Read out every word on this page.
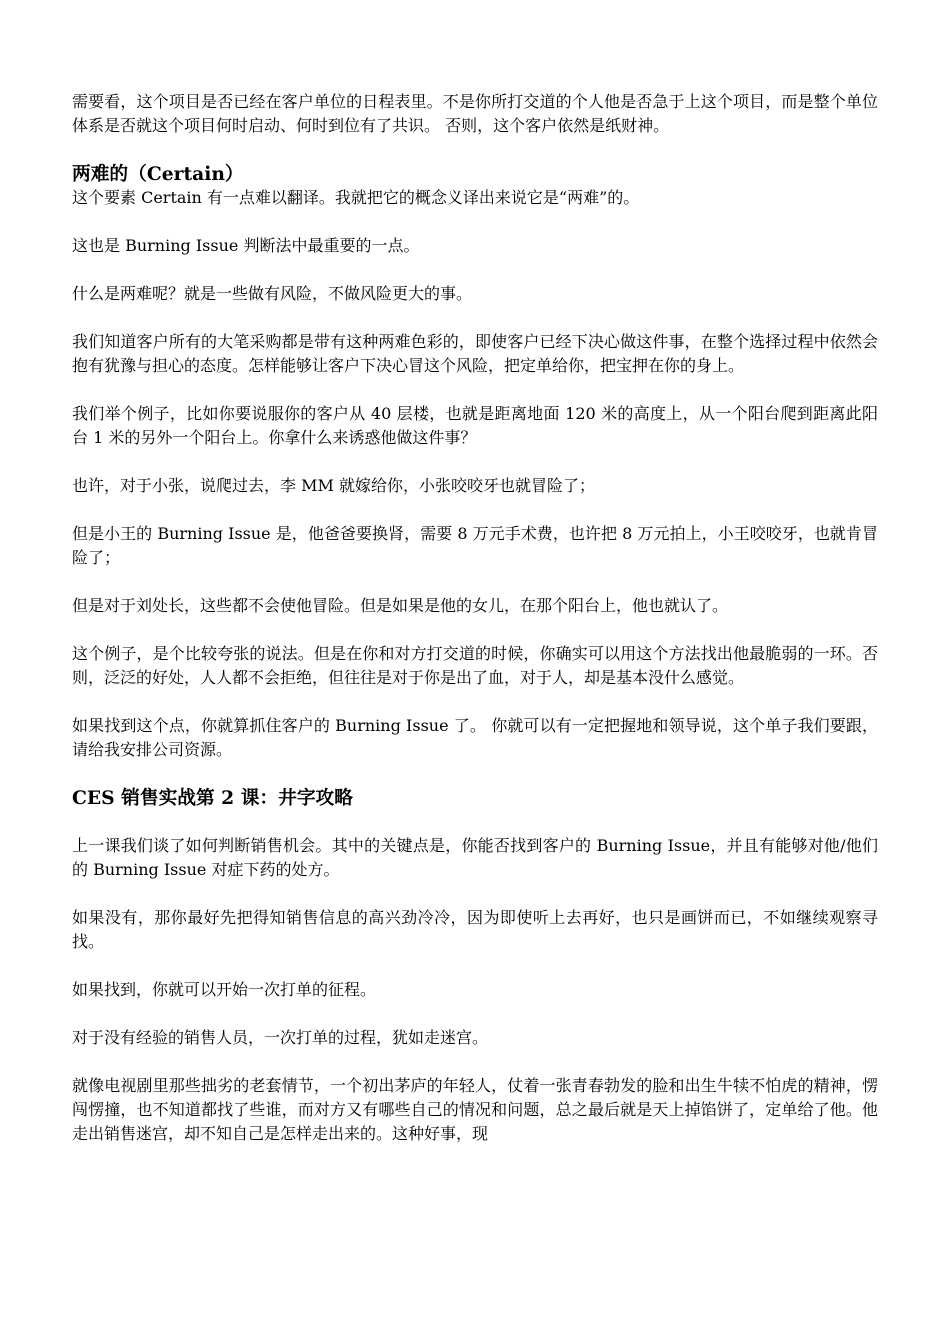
需要看，这个项目是否已经在客户单位的日程表里。不是你所打交道的个人他是否急于上这个项目，而是整个单位体系是否就这个项目何时启动、何时到位有了共识。 否则，这个客户依然是纸财神。

两难的（Certain）

这个要素 Certain 有一点难以翻译。我就把它的概念义译出来说它是“两难”的。

这也是 Burning Issue 判断法中最重要的一点。

什么是两难呢？就是一些做有风险，不做风险更大的事。

我们知道客户所有的大笔采购都是带有这种两难色彩的，即使客户已经下决心做这件事，在整个选择过程中依然会抱有犹豫与担心的态度。怎样能够让客户下决心冒这个风险，把定单给你，把宝押在你的身上。

我们举个例子，比如你要说服你的客户从 40 层楼，也就是距离地面 120 米的高度上，从一个阳台爬到距离此阳台 1 米的另外一个阳台上。你拿什么来诱惑他做这件事？

也许，对于小张，说爬过去，李 MM 就嫁给你，小张咬咬牙也就冒险了；

但是小王的 Burning Issue 是，他爸爸要换肾，需要 8 万元手术费，也许把 8 万元拍上，小王咬咬牙，也就肯冒险了；

但是对于刘处长，这些都不会使他冒险。但是如果是他的女儿，在那个阳台上，他也就认了。

这个例子，是个比较夸张的说法。但是在你和对方打交道的时候，你确实可以用这个方法找出他最脆弱的一环。否则，泛泛的好处，人人都不会拒绝，但往往是对于你是出了血，对于人，却是基本没什么感觉。

如果找到这个点，你就算抓住客户的 Burning Issue 了。 你就可以有一定把握地和领导说，这个单子我们要跟，请给我安排公司资源。

CES 销售实战第 2 课：井字攻略

上一课我们谈了如何判断销售机会。其中的关键点是，你能否找到客户的 Burning Issue，并且有能够对他/他们的 Burning Issue 对症下药的处方。

如果没有，那你最好先把得知销售信息的高兴劲冷冷，因为即使听上去再好，也只是画饼而已，不如继续观察寻找。

如果找到，你就可以开始一次打单的征程。

对于没有经验的销售人员，一次打单的过程，犹如走迷宫。

就像电视剧里那些拙劣的老套情节，一个初出茅庐的年轻人，仗着一张青春勃发的脸和出生牛犊不怕虎的精神，愣闯愣撞，也不知道都找了些谁，而对方又有哪些自己的情况和问题，总之最后就是天上掉馅饼了，定单给了他。他走出销售迷宫，却不知自己是怎样走出来的。这种好事，现
